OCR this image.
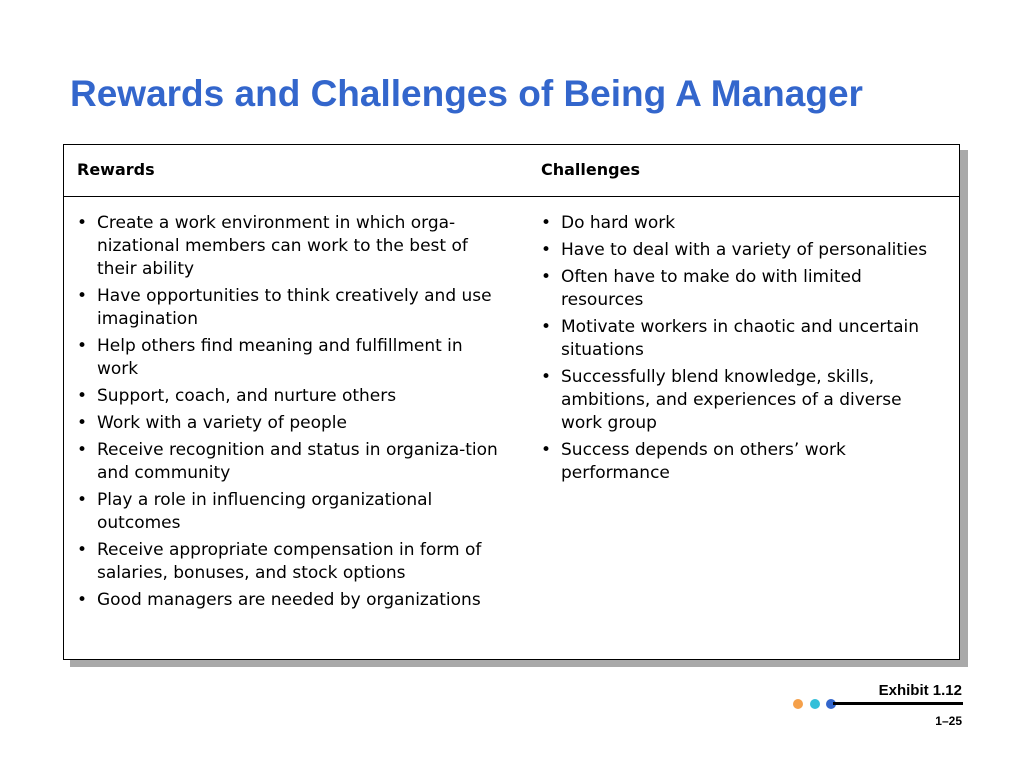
Rewards and Challenges of Being A Manager
Rewards	Challenges
• Create a work environment in which orga-nizational members can work to the best of their ability
• Have opportunities to think creatively and use imagination
• Help others find meaning and fulfillment in work
• Support, coach, and nurture others
• Work with a variety of people
• Receive recognition and status in organiza-tion and community
• Play a role in influencing organizational outcomes
• Receive appropriate compensation in form of salaries, bonuses, and stock options
• Good managers are needed by organizations
• Do hard work
• Have to deal with a variety of personalities
• Often have to make do with limited resources
• Motivate workers in chaotic and uncertain situations
• Successfully blend knowledge, skills, ambitions, and experiences of a diverse work group
• Success depends on others’ work performance
Exhibit 1.12
1–25
